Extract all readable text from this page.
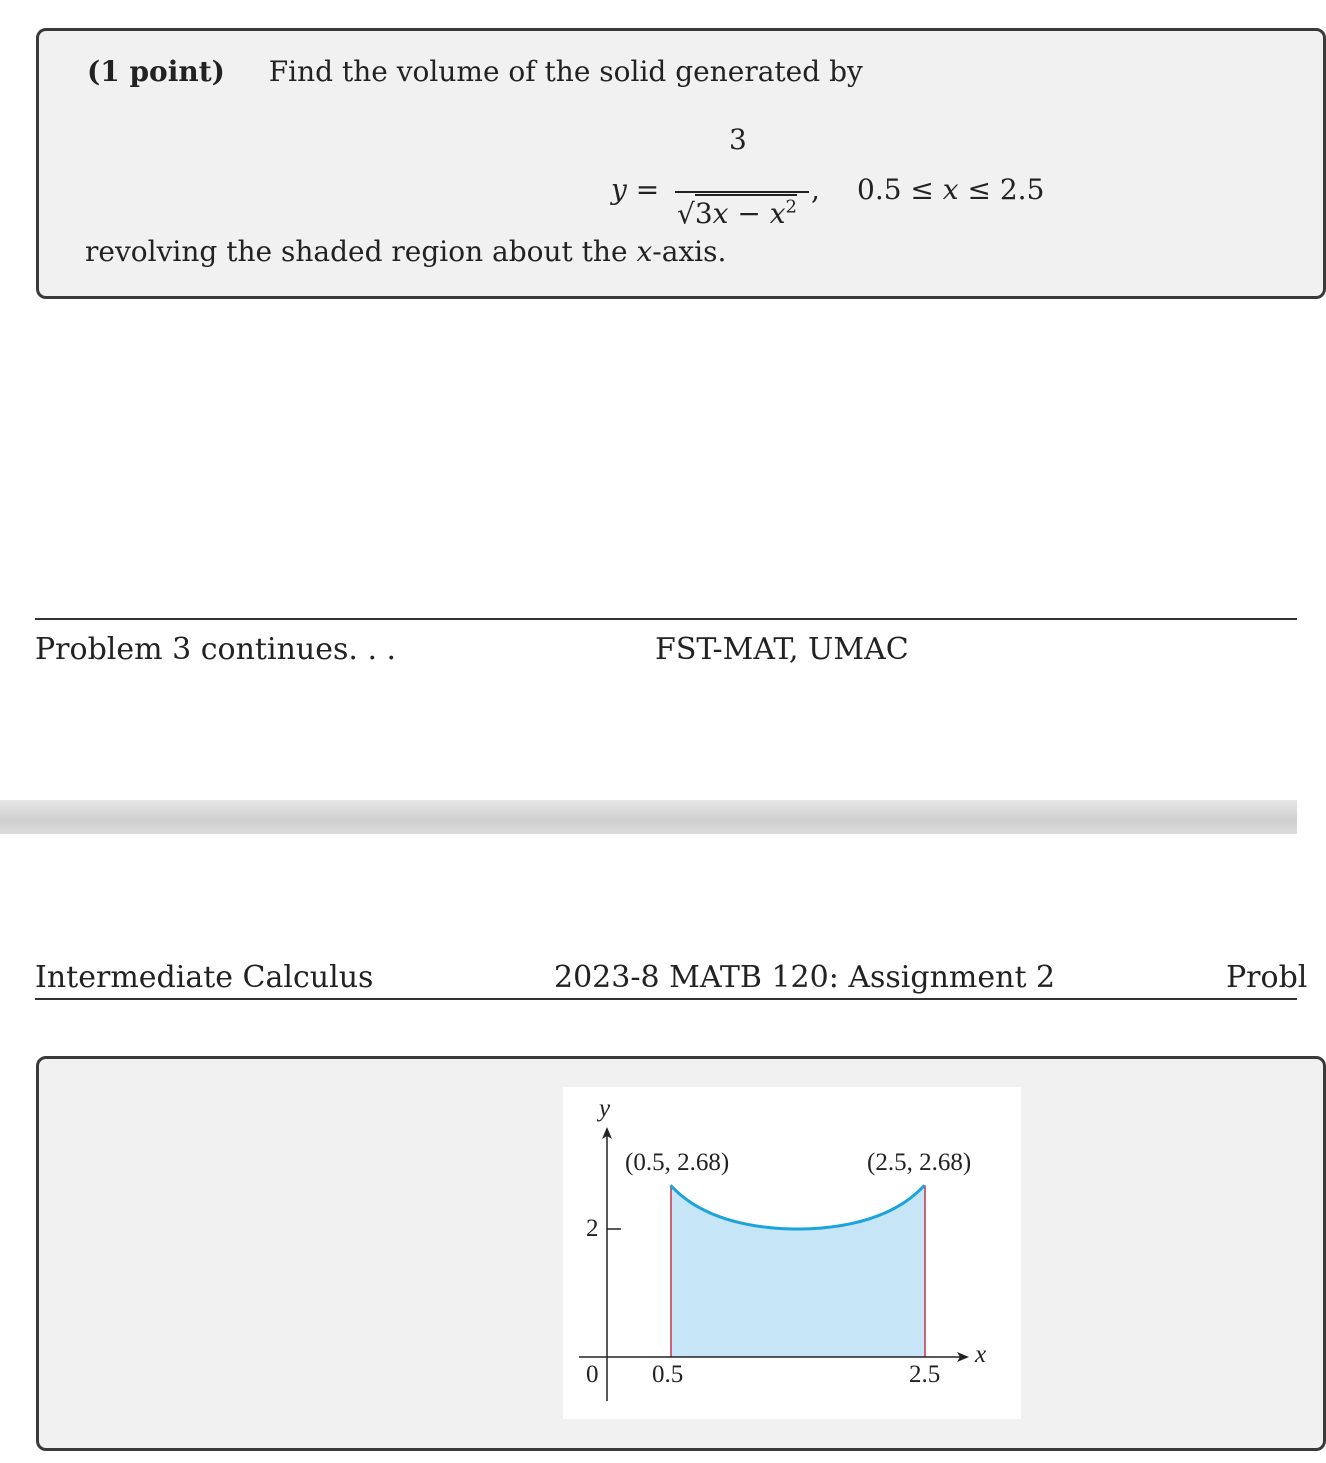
(1 point) Find the volume of the solid generated by
y =
3
$√3x - x^2$
, 0.5 ≤ x ≤ 2.5
revolving the shaded region about the x-axis.
Problem 3 continues. . .	FST-MAT, UMAC
Intermediate Calculus	2023-8 MATB 120: Assignment 2	Probl
y
x
2
0 0.5	2.5
(0.5, 2.68)	(2.5, 2.68)
